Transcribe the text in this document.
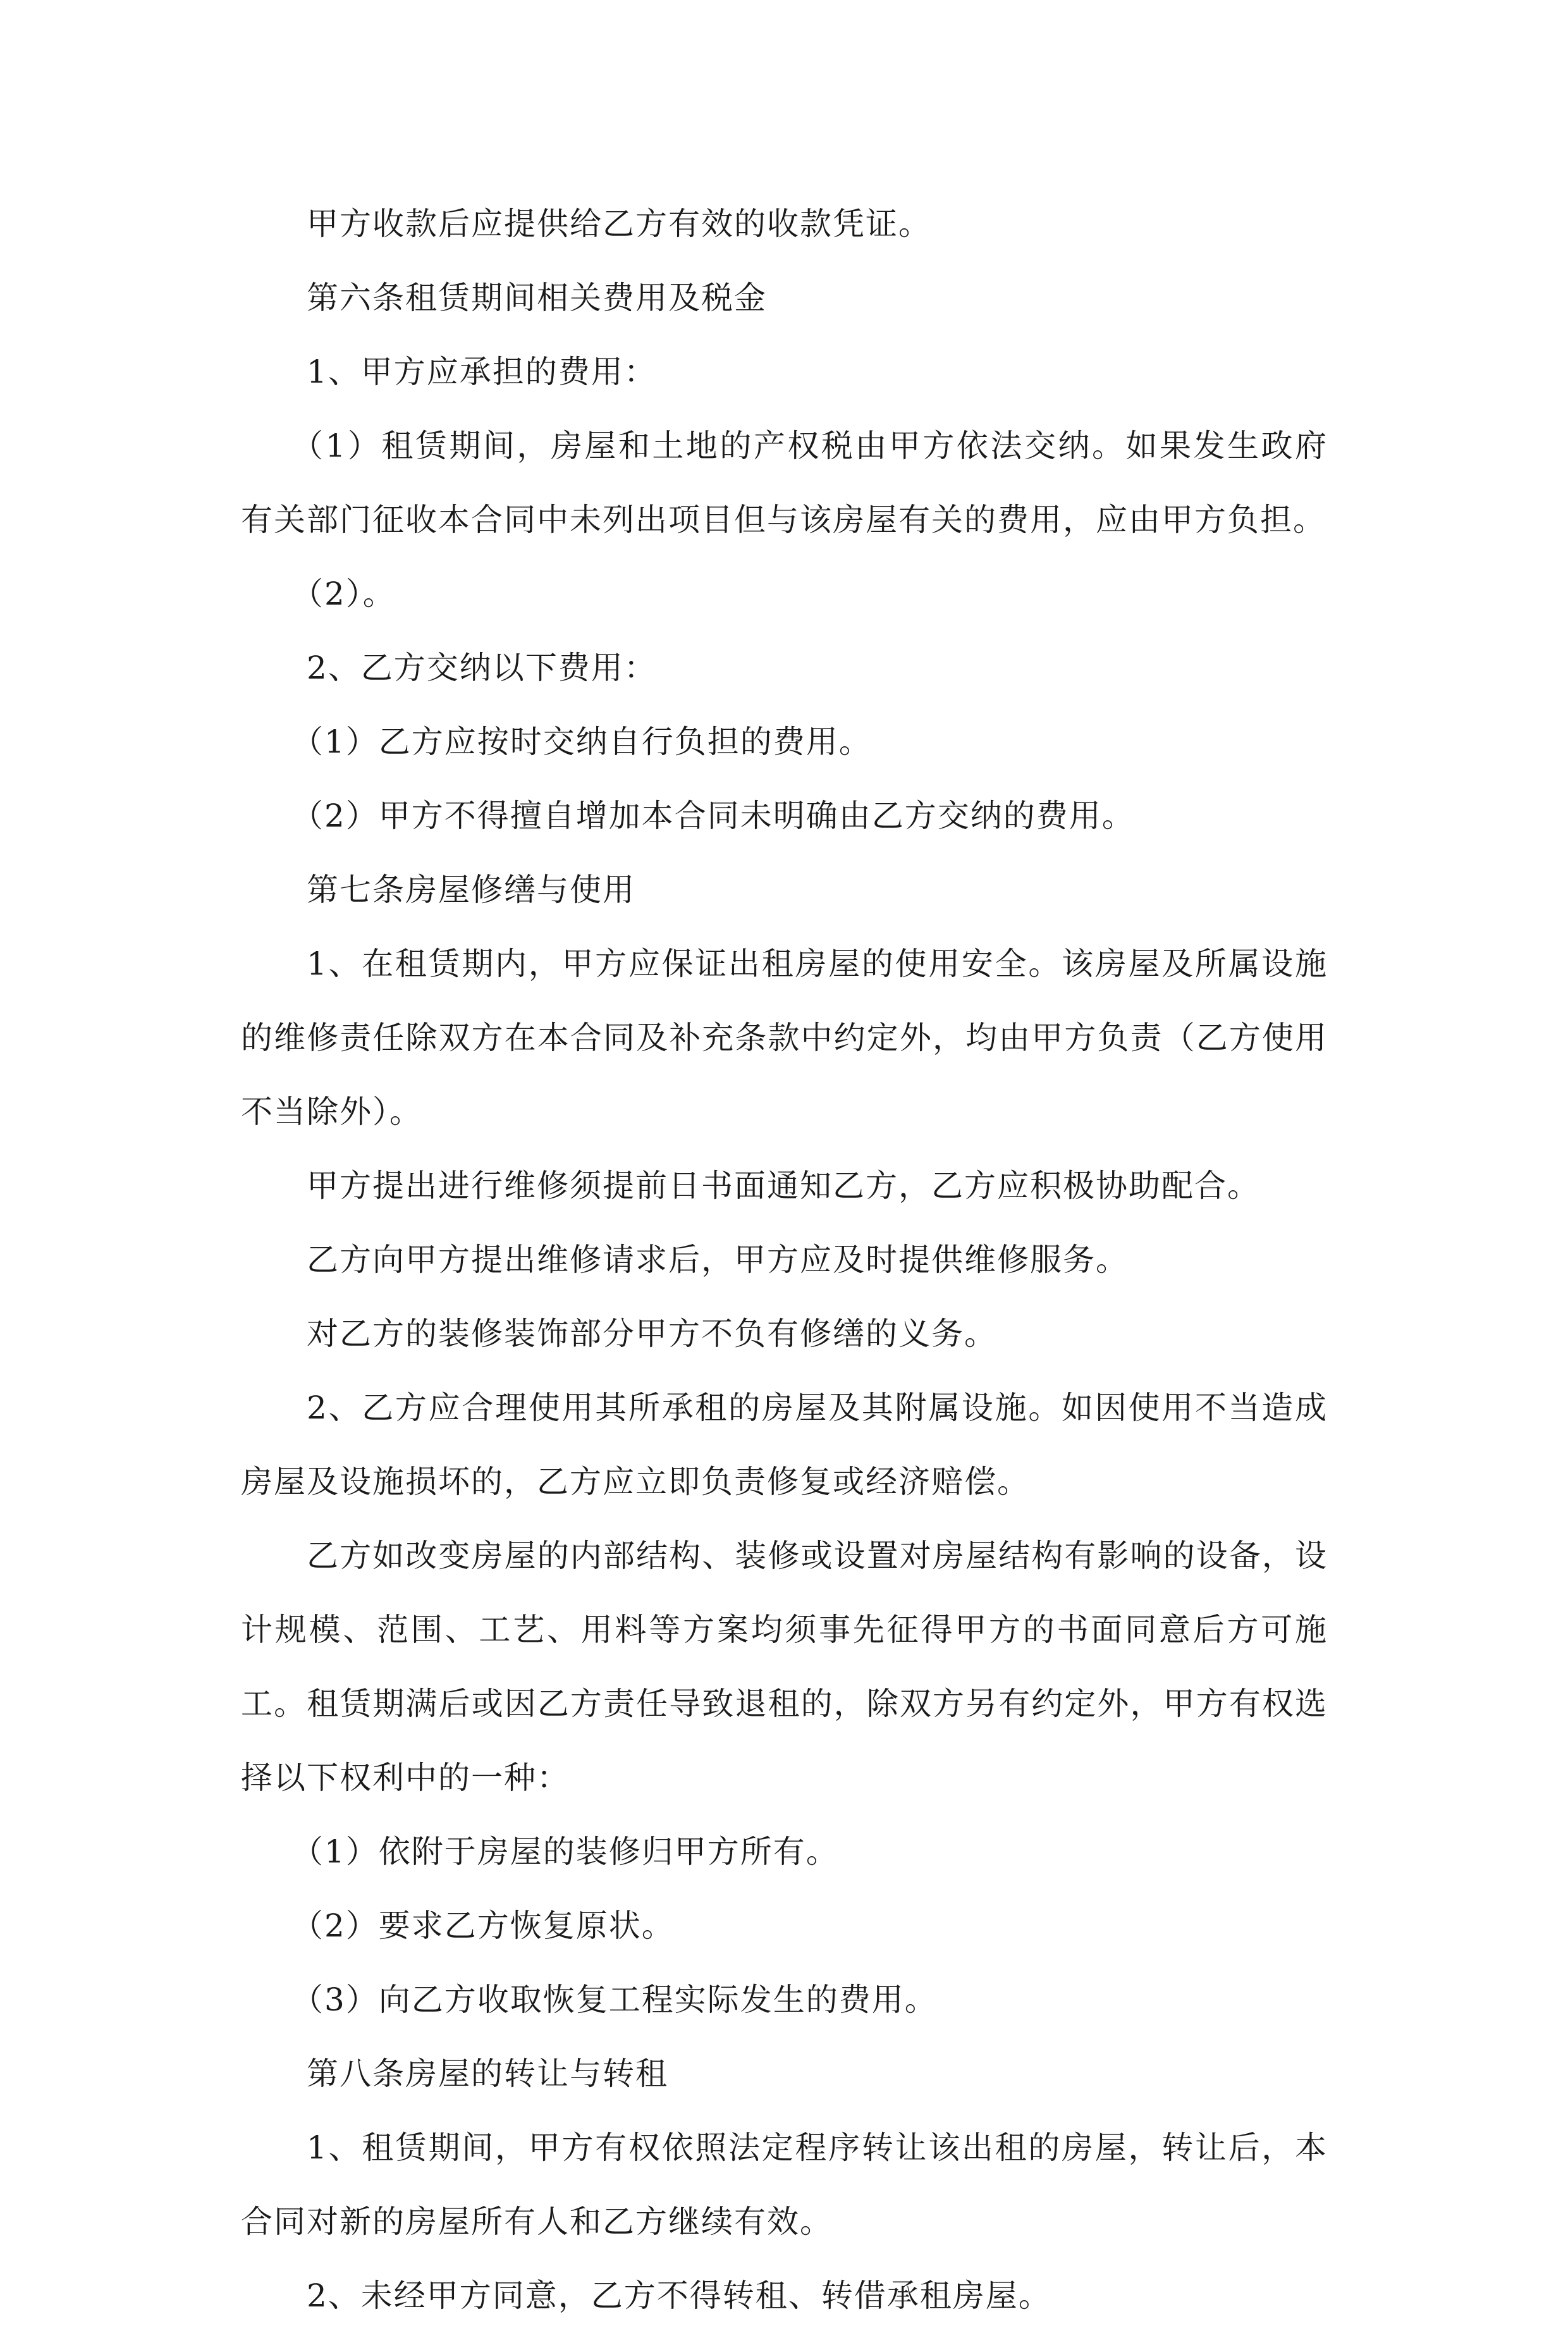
甲方收款后应提供给乙方有效的收款凭证。

第六条租赁期间相关费用及税金

1、甲方应承担的费用：

（1）租赁期间，房屋和土地的产权税由甲方依法交纳。如果发生政府有关部门征收本合同中未列出项目但与该房屋有关的费用，应由甲方负担。

（2）。

2、乙方交纳以下费用：

（1）乙方应按时交纳自行负担的费用。

（2）甲方不得擅自增加本合同未明确由乙方交纳的费用。

第七条房屋修缮与使用

1、在租赁期内，甲方应保证出租房屋的使用安全。该房屋及所属设施的维修责任除双方在本合同及补充条款中约定外，均由甲方负责（乙方使用不当除外）。

甲方提出进行维修须提前日书面通知乙方，乙方应积极协助配合。

乙方向甲方提出维修请求后，甲方应及时提供维修服务。

对乙方的装修装饰部分甲方不负有修缮的义务。

2、乙方应合理使用其所承租的房屋及其附属设施。如因使用不当造成房屋及设施损坏的，乙方应立即负责修复或经济赔偿。

乙方如改变房屋的内部结构、装修或设置对房屋结构有影响的设备，设计规模、范围、工艺、用料等方案均须事先征得甲方的书面同意后方可施工。租赁期满后或因乙方责任导致退租的，除双方另有约定外，甲方有权选择以下权利中的一种：

（1）依附于房屋的装修归甲方所有。

（2）要求乙方恢复原状。

（3）向乙方收取恢复工程实际发生的费用。

第八条房屋的转让与转租

1、租赁期间，甲方有权依照法定程序转让该出租的房屋，转让后，本合同对新的房屋所有人和乙方继续有效。

2、未经甲方同意，乙方不得转租、转借承租房屋。
